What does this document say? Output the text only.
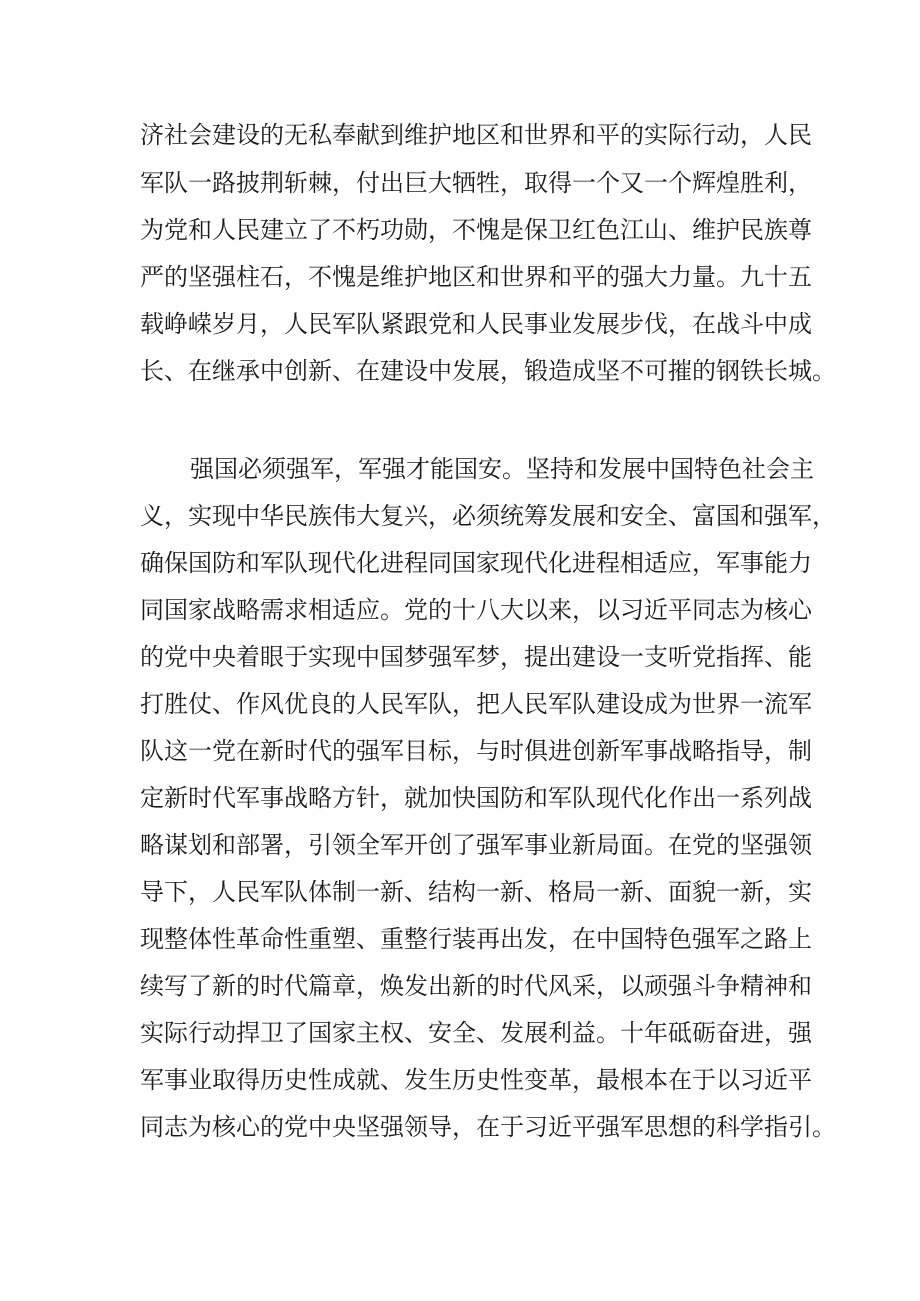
济社会建设的无私奉献到维护地区和世界和平的实际行动，人民
军队一路披荆斩棘，付出巨大牺牲，取得一个又一个辉煌胜利，
为党和人民建立了不朽功勋，不愧是保卫红色江山、维护民族尊
严的坚强柱石，不愧是维护地区和世界和平的强大力量。九十五
载峥嵘岁月，人民军队紧跟党和人民事业发展步伐，在战斗中成
长、在继承中创新、在建设中发展，锻造成坚不可摧的钢铁长城。
强国必须强军，军强才能国安。坚持和发展中国特色社会主
义，实现中华民族伟大复兴，必须统筹发展和安全、富国和强军，
确保国防和军队现代化进程同国家现代化进程相适应，军事能力
同国家战略需求相适应。党的十八大以来，以习近平同志为核心
的党中央着眼于实现中国梦强军梦，提出建设一支听党指挥、能
打胜仗、作风优良的人民军队，把人民军队建设成为世界一流军
队这一党在新时代的强军目标，与时俱进创新军事战略指导，制
定新时代军事战略方针，就加快国防和军队现代化作出一系列战
略谋划和部署，引领全军开创了强军事业新局面。在党的坚强领
导下，人民军队体制一新、结构一新、格局一新、面貌一新，实
现整体性革命性重塑、重整行装再出发，在中国特色强军之路上
续写了新的时代篇章，焕发出新的时代风采，以顽强斗争精神和
实际行动捍卫了国家主权、安全、发展利益。十年砥砺奋进，强
军事业取得历史性成就、发生历史性变革，最根本在于以习近平
同志为核心的党中央坚强领导，在于习近平强军思想的科学指引。
